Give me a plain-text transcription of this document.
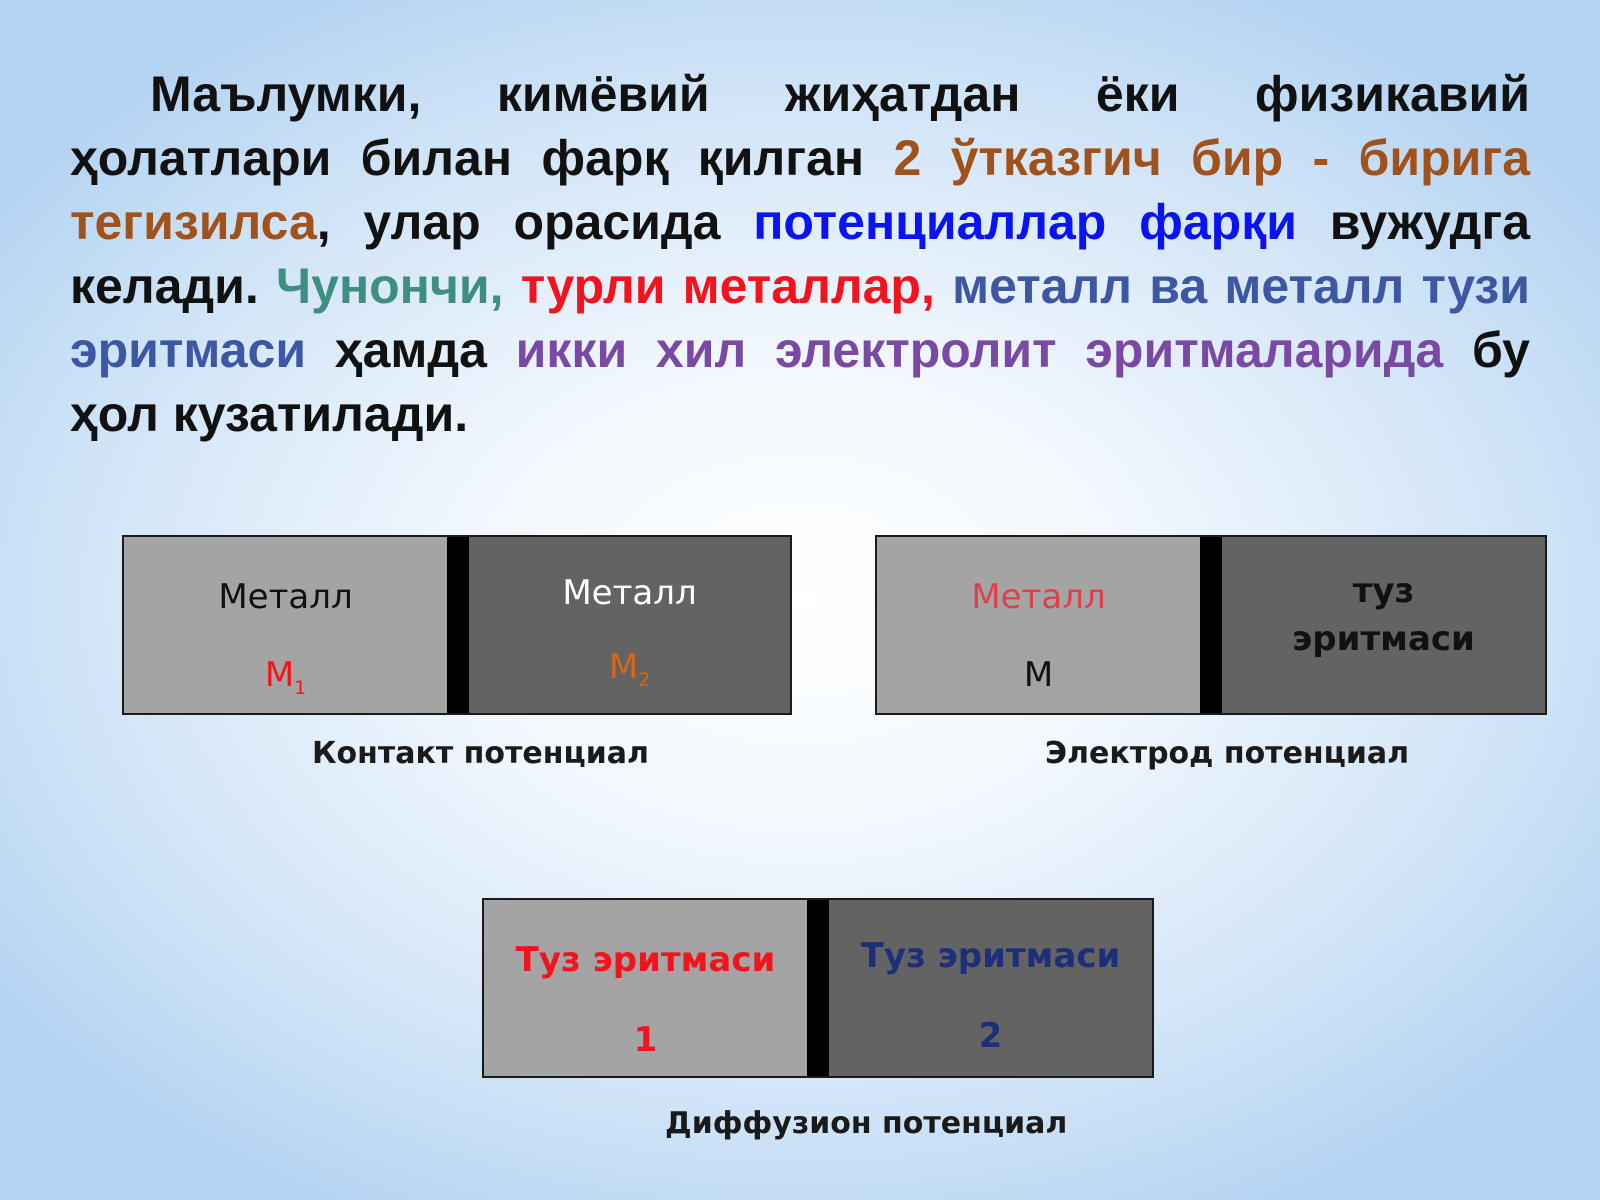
Маълумки, кимёвий жиҳатдан ёки физикавий ҳолатлари билан фарқ қилган 2 ўтказгич бир - бирига тегизилса, улар орасида потенциаллар фарқи вужудга келади. Чунончи, турли металлар, металл ва металл тузи эритмаси ҳамда икки хил электролит эритмаларида бу ҳол кузатилади.
Металл
$M_1$
Металл
$M_2$
Контакт потенциал
Металл
M
туз
эритмаси
Электрод потенциал
Туз эритмаси
1
Туз эритмаси
2
Диффузион потенциал
